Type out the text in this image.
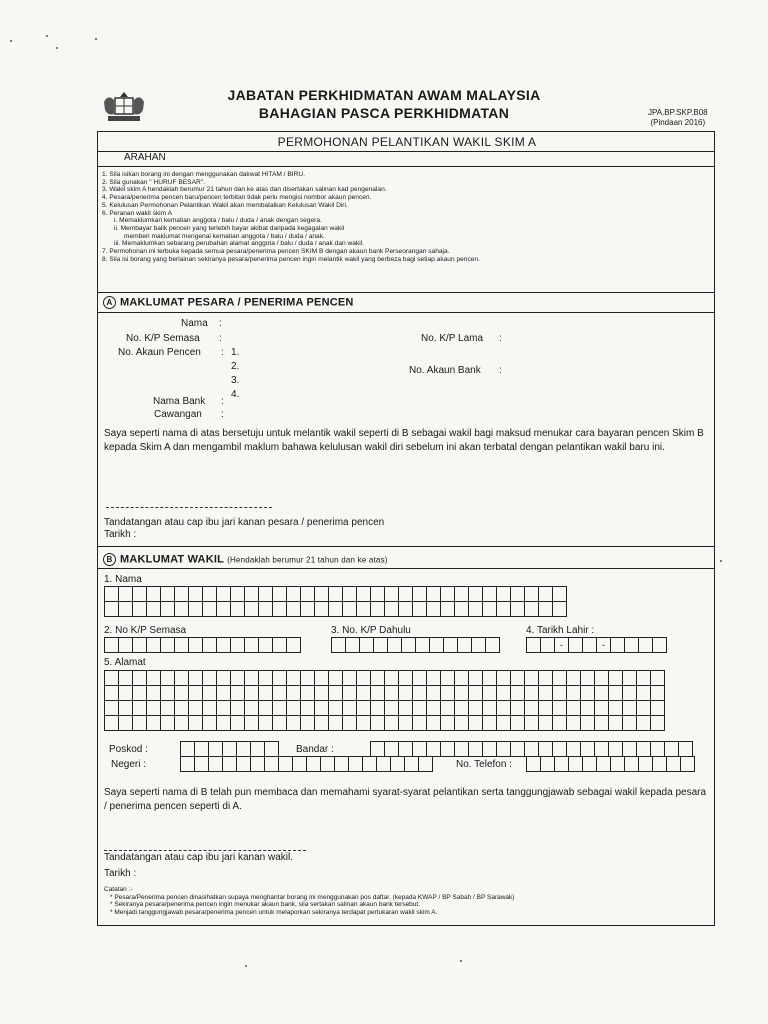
JABATAN PERKHIDMATAN AWAM MALAYSIA
BAHAGIAN PASCA PERKHIDMATAN	JPA.BP.SKP.B08
(Pindaan 2016)
PERMOHONAN PELANTIKAN WAKIL SKIM A
ARAHAN
1. Sila isikan borang ini dengan menggunakan dakwat HITAM / BIRU.
2. Sila gunakan " HURUF BESAR".
3. Wakil skim A hendaklah berumur 21 tahun dan ke atas dan disertakan salinan kad pengenalan.
4. Pesara/penerima pencen baru/pencen terbitan tidak perlu mengisi nombor akaun pencen.
5. Kelulusan Permohonan Pelantikan Wakil akan membatalkan Kelulusan Wakil Diri.
6. Peranan wakil skim A
i. Memaklumkan kematian anggota / balu / duda / anak dengan segera.
ii. Membayar balik pencen yang terlebih bayar akibat daripada kegagalan wakil
memberi maklumat mengenai kematian anggota / balu / duda / anak.
iii. Memaklumkan sebarang perubahan alamat anggota / balu / duda / anak dan wakil.
7. Permohonan ini terbuka kepada semua pesara/penerima pencen SKIM B dengan akaun bank Perseorangan sahaja.
8. Sila isi borang yang berlainan sekiranya pesara/penerima pencen ingin melantik wakil yang berbeza bagi setiap akaun pencen.
A MAKLUMAT PESARA / PENERIMA PENCEN
Nama :
No. K/P Semasa :
No. Akaun Pencen : 1.
2.
3.
4.
No. K/P Lama :
No. Akaun Bank :
Nama Bank :
Cawangan :
Saya seperti nama di atas bersetuju untuk melantik wakil seperti di B sebagai wakil bagi maksud menukar cara bayaran pencen Skim B kepada Skim A dan mengambil maklum bahawa kelulusan wakil diri sebelum ini akan terbatal dengan pelantikan wakil baru ini.
Tandatangan atau cap ibu jari kanan pesara / penerima pencen
Tarikh :
B MAKLUMAT WAKIL (Hendaklah berumur 21 tahun dan ke atas)
1. Nama
2. No K/P Semasa	3. No. K/P Dahulu	4. Tarikh Lahir :
-	-
5. Alamat
Poskod :	Bandar :
Negeri :	No. Telefon :
Saya seperti nama di B telah pun membaca dan memahami syarat-syarat pelantikan serta tanggungjawab sebagai wakil kepada pesara / penerima pencen seperti di A.
Tandatangan atau cap ibu jari kanan wakil.
Tarikh :
Catatan :-
* Pesara/Penerima pencen dinasihatkan supaya menghantar borang ini menggunakan pos daftar. (kepada KWAP / BP Sabah / BP Sarawak)
* Sekiranya pesara/penerima pencen ingin menukar akaun bank, sila sertakan salinan akaun bank tersebut.
* Menjadi tanggungjawab pesara/penerima pencen untuk melaporkan sekiranya terdapat pertukaran wakil skim A.
